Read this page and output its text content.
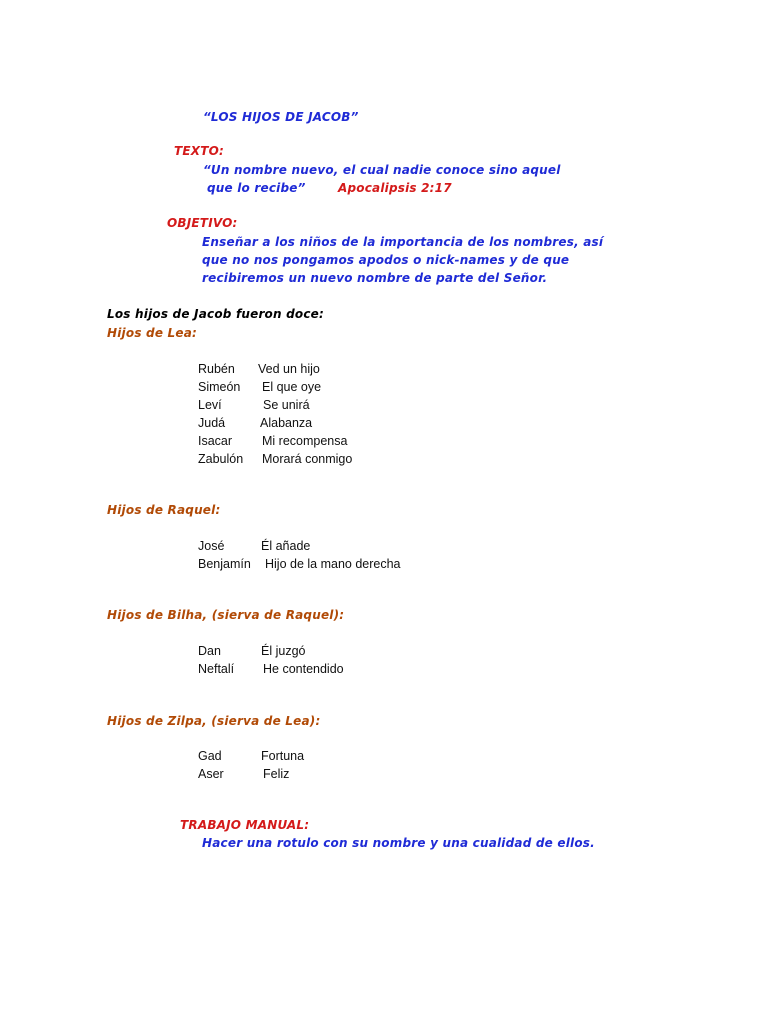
“LOS HIJOS DE JACOB”
TEXTO:
“Un nombre nuevo, el cual nadie conoce sino aquel
que lo recibe”	Apocalipsis 2:17
OBJETIVO:
Enseñar a los niños de la importancia de los nombres, así
que no nos pongamos apodos o nick-names y de que
recibiremos un nuevo nombre de parte del Señor.
Los hijos de Jacob fueron doce:
Hijos de Lea:
Rubén Ved un hijo
Simeón El que oye
Leví	Se unirá
Judá	Alabanza
Isacar Mi recompensa
Zabulón Morará conmigo
Hijos de Raquel:
José	Él añade
Benjamín Hijo de la mano derecha
Hijos de Bilha, (sierva de Raquel):
Dan	Él juzgó
Neftalí He contendido
Hijos de Zilpa, (sierva de Lea):
Gad	Fortuna
Aser	Feliz
TRABAJO MANUAL:
Hacer una rotulo con su nombre y una cualidad de ellos.
